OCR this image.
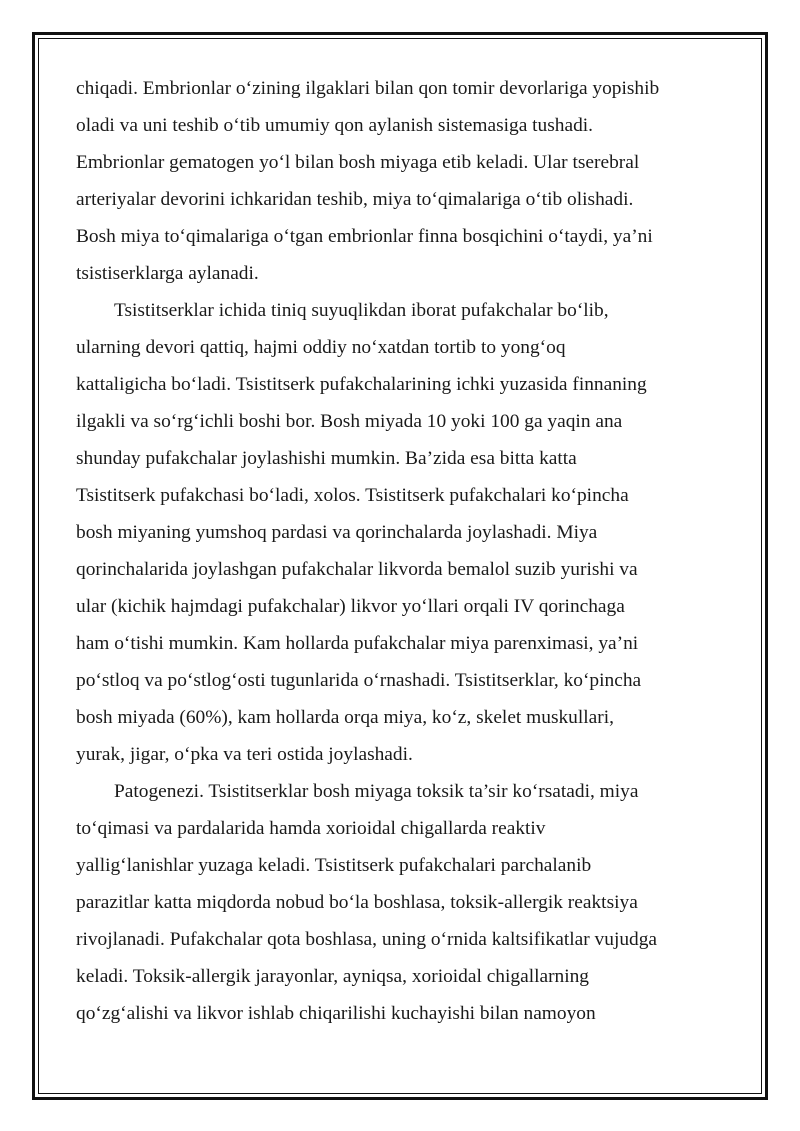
chiqadi. Embrionlar o‘zining ilgaklari bilan qon tomir devorlariga yopishib
oladi va uni teshib o‘tib umumiy qon aylanish sistemasiga tushadi.
Embrionlar gematogen yo‘l bilan bosh miyaga etib keladi. Ular tserebral
arteriyalar devorini ichkaridan teshib, miya to‘qimalariga o‘tib olishadi.
Bosh miya to‘qimalariga o‘tgan embrionlar finna bosqichini o‘taydi, ya’ni
tsistiserklarga aylanadi.

Tsistitserklar ichida tiniq suyuqlikdan iborat pufakchalar bo‘lib,
ularning devori qattiq, hajmi oddiy no‘xatdan tortib to yong‘oq
kattaligicha bo‘ladi. Tsistitserk pufakchalarining ichki yuzasida finnaning
ilgakli va so‘rg‘ichli boshi bor. Bosh miyada 10 yoki 100 ga yaqin ana
shunday pufakchalar joylashishi mumkin. Ba’zida esa bitta katta
Tsistitserk pufakchasi bo‘ladi, xolos. Tsistitserk pufakchalari ko‘pincha
bosh miyaning yumshoq pardasi va qorinchalarda joylashadi. Miya
qorinchalarida joylashgan pufakchalar likvorda bemalol suzib yurishi va
ular (kichik hajmdagi pufakchalar) likvor yo‘llari orqali IV qorinchaga
ham o‘tishi mumkin. Kam hollarda pufakchalar miya parenximasi, ya’ni
po‘stloq va po‘stlog‘osti tugunlarida o‘rnashadi. Tsistitserklar, ko‘pincha
bosh miyada (60%), kam hollarda orqa miya, ko‘z, skelet muskullari,
yurak, jigar, o‘pka va teri ostida joylashadi.

Patogenezi. Tsistitserklar bosh miyaga toksik ta’sir ko‘rsatadi, miya
to‘qimasi va pardalarida hamda xorioidal chigallarda reaktiv
yallig‘lanishlar yuzaga keladi. Tsistitserk pufakchalari parchalanib
parazitlar katta miqdorda nobud bo‘la boshlasa, toksik-allergik reaktsiya
rivojlanadi. Pufakchalar qota boshlasa, uning o‘rnida kaltsifikatlar vujudga
keladi. Toksik-allergik jarayonlar, ayniqsa, xorioidal chigallarning
qo‘zg‘alishi va likvor ishlab chiqarilishi kuchayishi bilan namoyon
